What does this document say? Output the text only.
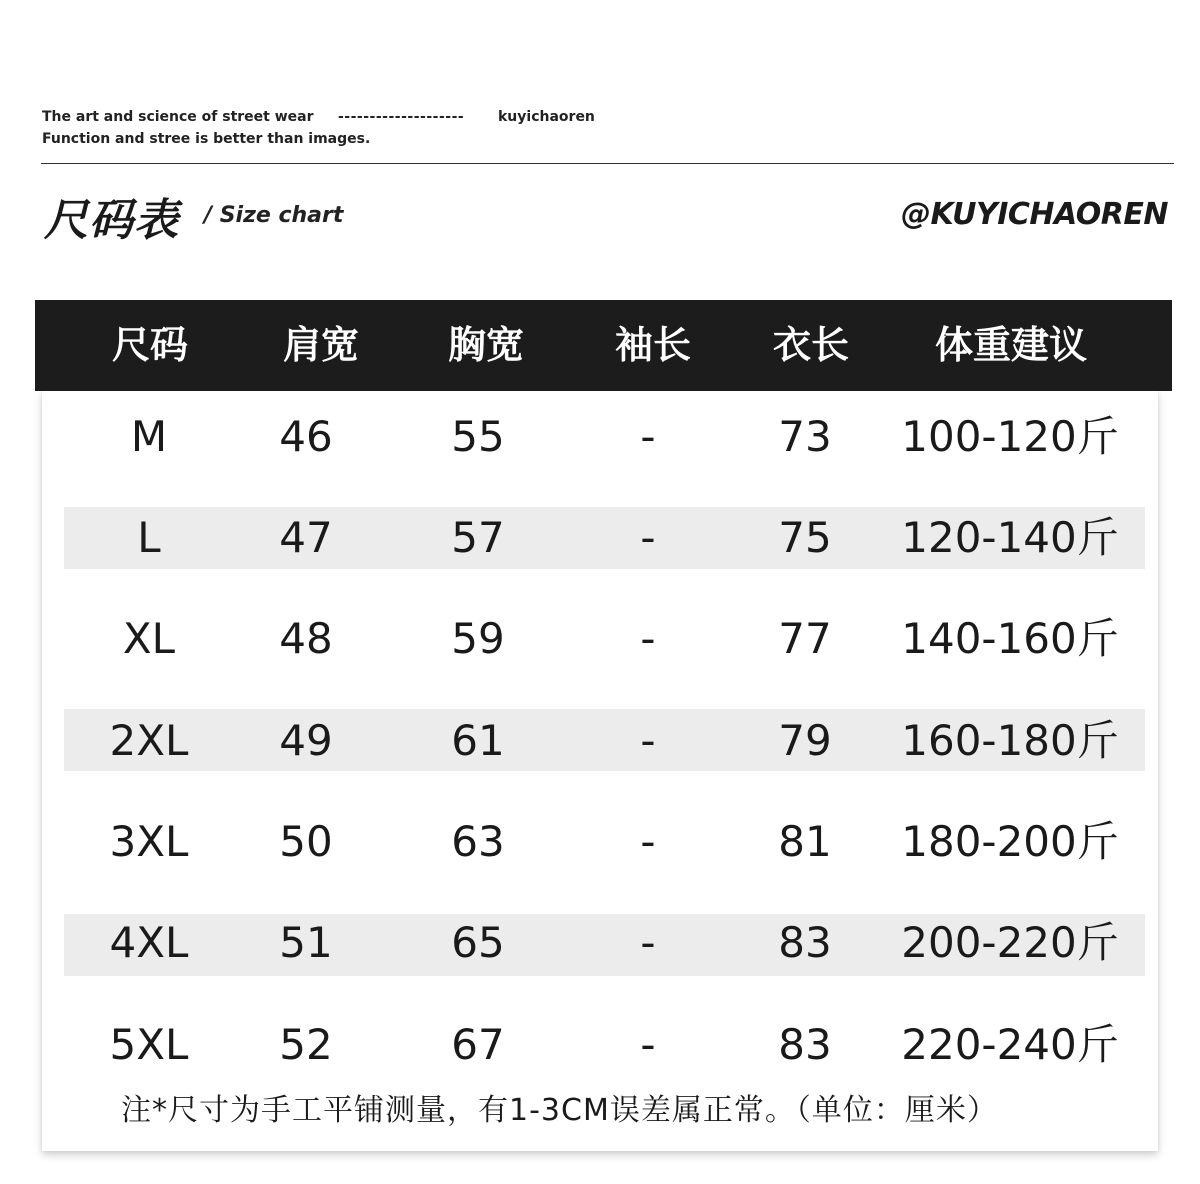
The art and science of street wear -------------------- kuyichaoren
Function and stree is better than images.
尺码表 / Size chart	@KUYICHAOREN
尺码 肩宽 胸宽 袖长 衣长 体重建议
M	46	55	-	73 100-120斤
L	47	57	-	75 120-140斤
XL 48	59	-	77 140-160斤
2XL 49	61	-	79 160-180斤
3XL 50	63	-	81 180-200斤
4XL 51	65	-	83 200-220斤
5XL 52	67	-	83 220-240斤
注*尺寸为手工平铺测量，有1-3CM误差属正常。（单位：厘米）
